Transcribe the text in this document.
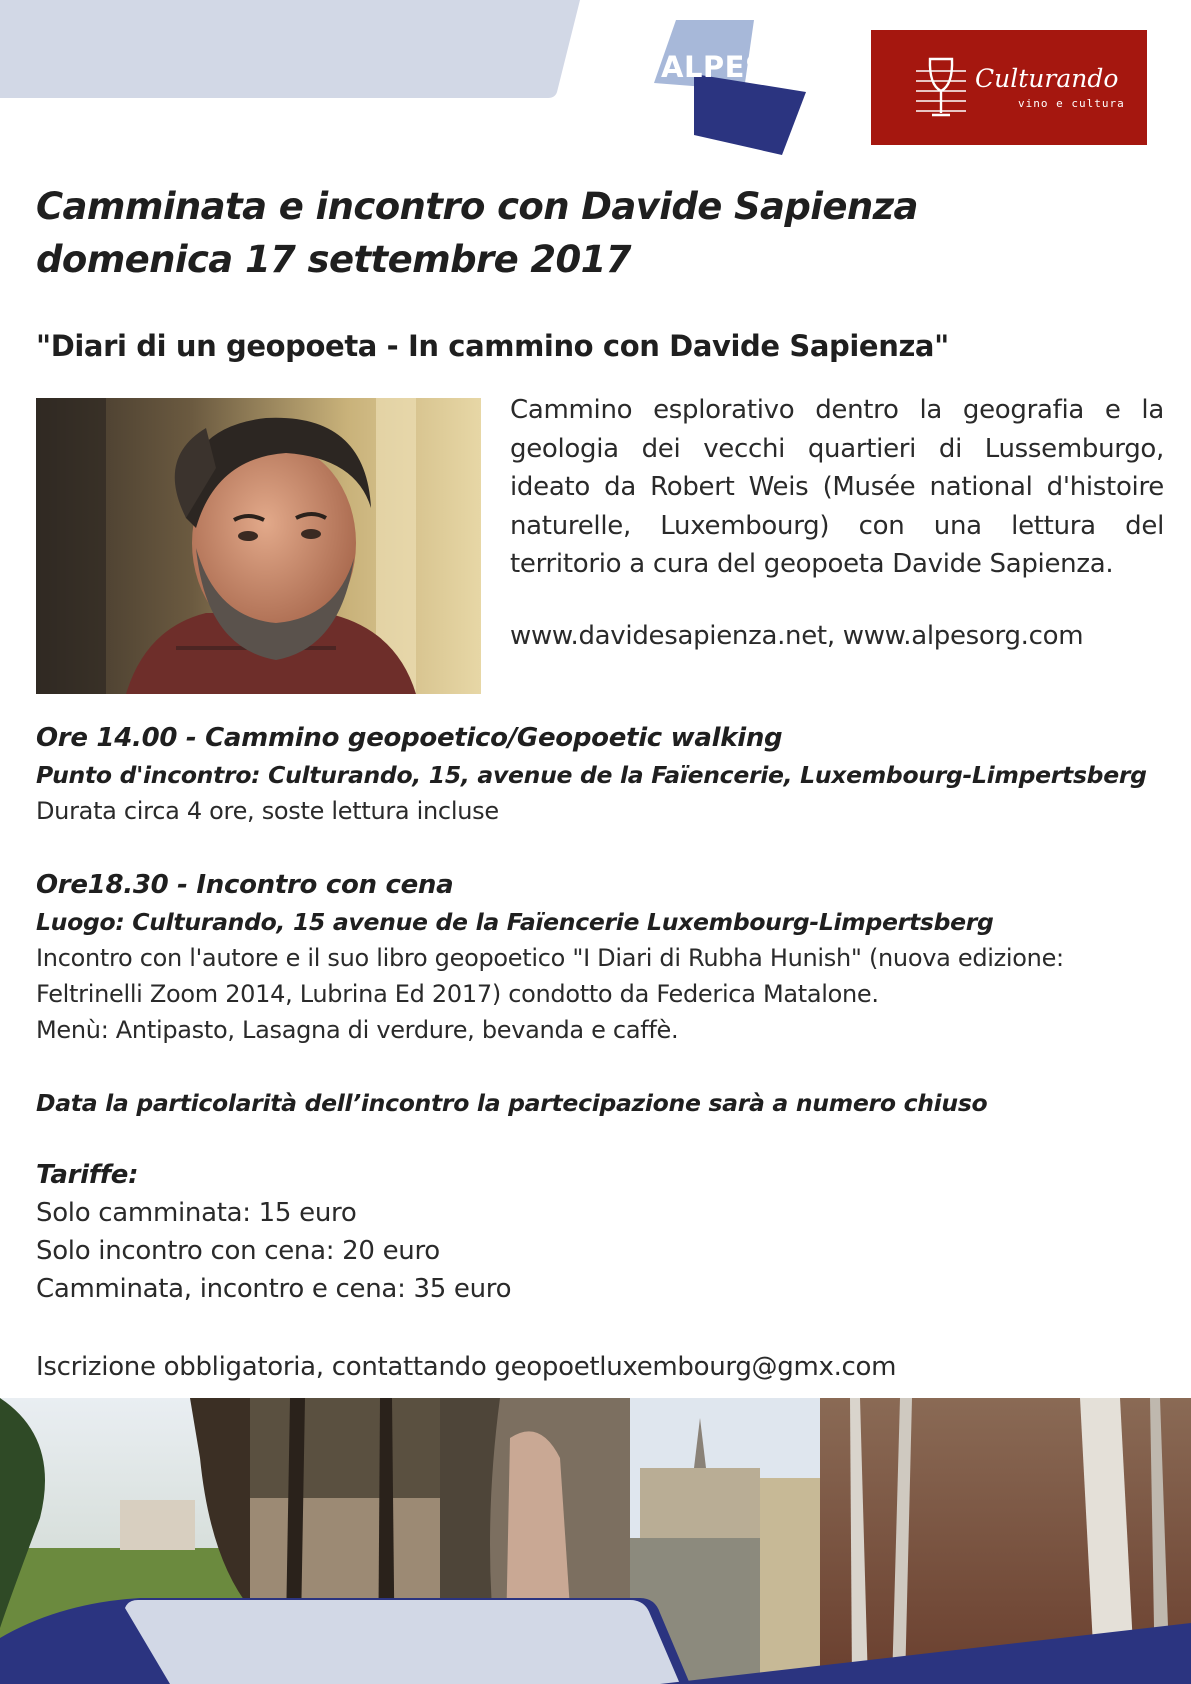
ALPES	Culturando
vino e cultura
Camminata e incontro con Davide Sapienza
domenica 17 settembre 2017
"Diari di un geopoeta - In cammino con Davide Sapienza"
Cammino esplorativo dentro la geografia e la geologia dei vecchi quartieri di Lussemburgo, ideato da Robert Weis (Musée national d'histoire naturelle, Luxembourg) con una lettura del territorio a cura del geopoeta Davide Sapienza.
www.davidesapienza.net, www.alpesorg.com
Ore 14.00 - Cammino geopoetico/Geopoetic walking
Punto d'incontro: Culturando, 15, avenue de la Faïencerie, Luxembourg-Limpertsberg
Durata circa 4 ore, soste lettura incluse
Ore18.30 - Incontro con cena
Luogo: Culturando, 15 avenue de la Faïencerie Luxembourg-Limpertsberg
Incontro con l'autore e il suo libro geopoetico "I Diari di Rubha Hunish" (nuova edizione:
Feltrinelli Zoom 2014, Lubrina Ed 2017) condotto da Federica Matalone.
Menù: Antipasto, Lasagna di verdure, bevanda e caffè.
Data la particolarità dell’incontro la partecipazione sarà a numero chiuso
Tariffe:
Solo camminata: 15 euro
Solo incontro con cena: 20 euro
Camminata, incontro e cena: 35 euro
Iscrizione obbligatoria, contattando geopoetluxembourg@gmx.com
